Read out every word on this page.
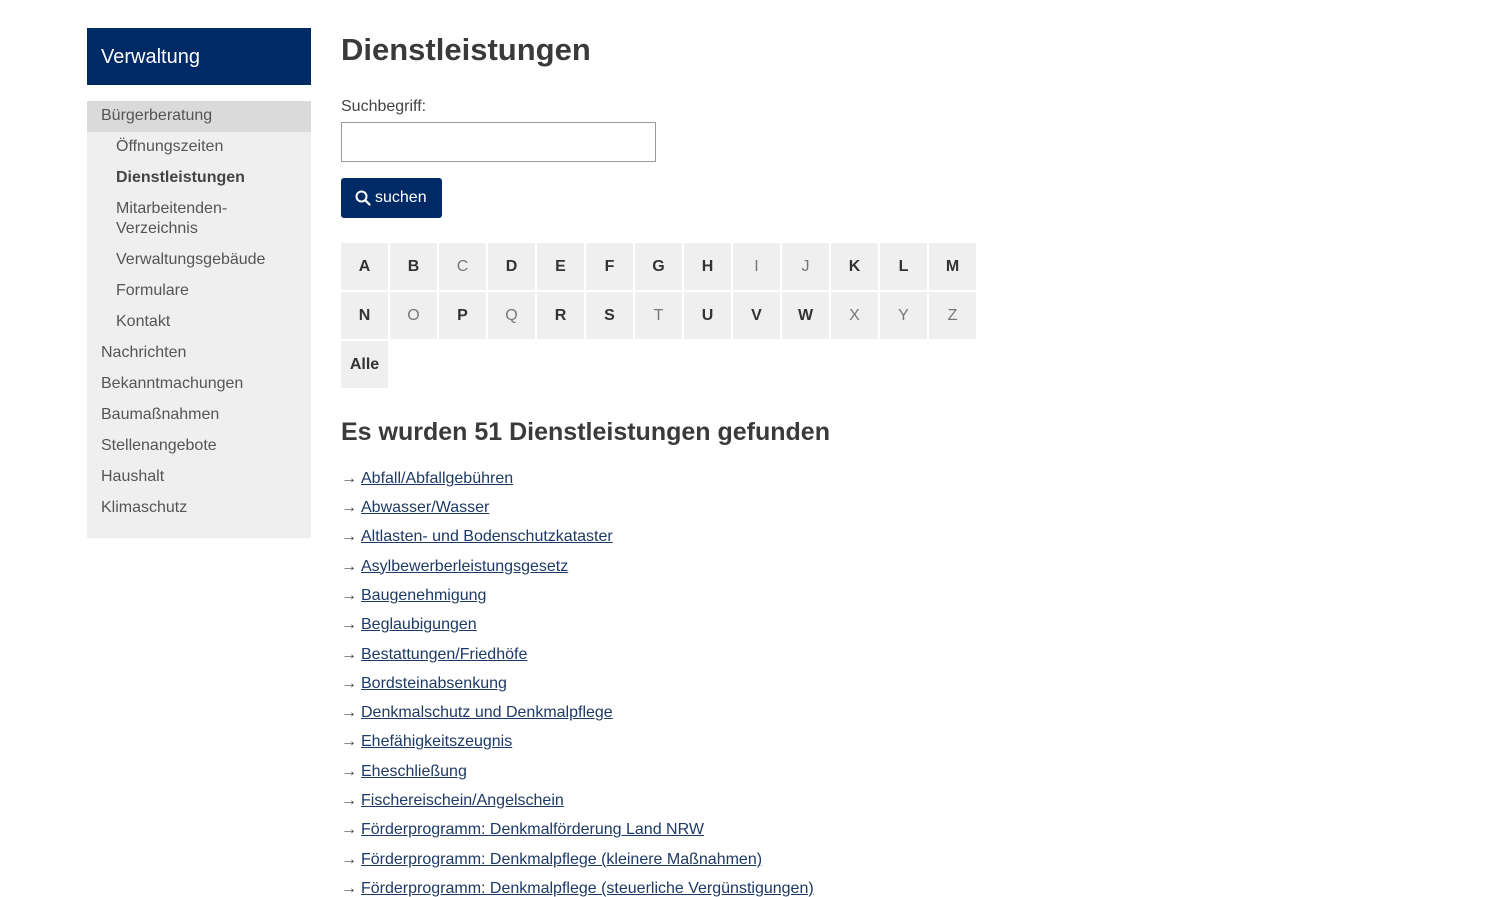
Verwaltung
Bürgerberatung
Öffnungszeiten
Dienstleistungen
Mitarbeitenden-Verzeichnis
Verwaltungsgebäude
Formulare
Kontakt
Nachrichten
Bekanntmachungen
Baumaßnahmen
Stellenangebote
Haushalt
Klimaschutz
Dienstleistungen
Suchbegriff:
suchen
A	B	C	D	E	F	G	H	I	J	K	L	M
N	O	P	Q	R	S	T	U	V	W	X	Y	Z
Alle
Es wurden 51 Dienstleistungen gefunden
→ Abfall/Abfallgebühren
→ Abwasser/Wasser
→ Altlasten- und Bodenschutzkataster
→ Asylbewerberleistungsgesetz
→ Baugenehmigung
→ Beglaubigungen
→ Bestattungen/Friedhöfe
→ Bordsteinabsenkung
→ Denkmalschutz und Denkmalpflege
→ Ehefähigkeitszeugnis
→ Eheschließung
→ Fischereischein/Angelschein
→ Förderprogramm: Denkmalförderung Land NRW
→ Förderprogramm: Denkmalpflege (kleinere Maßnahmen)
→ Förderprogramm: Denkmalpflege (steuerliche Vergünstigungen)
